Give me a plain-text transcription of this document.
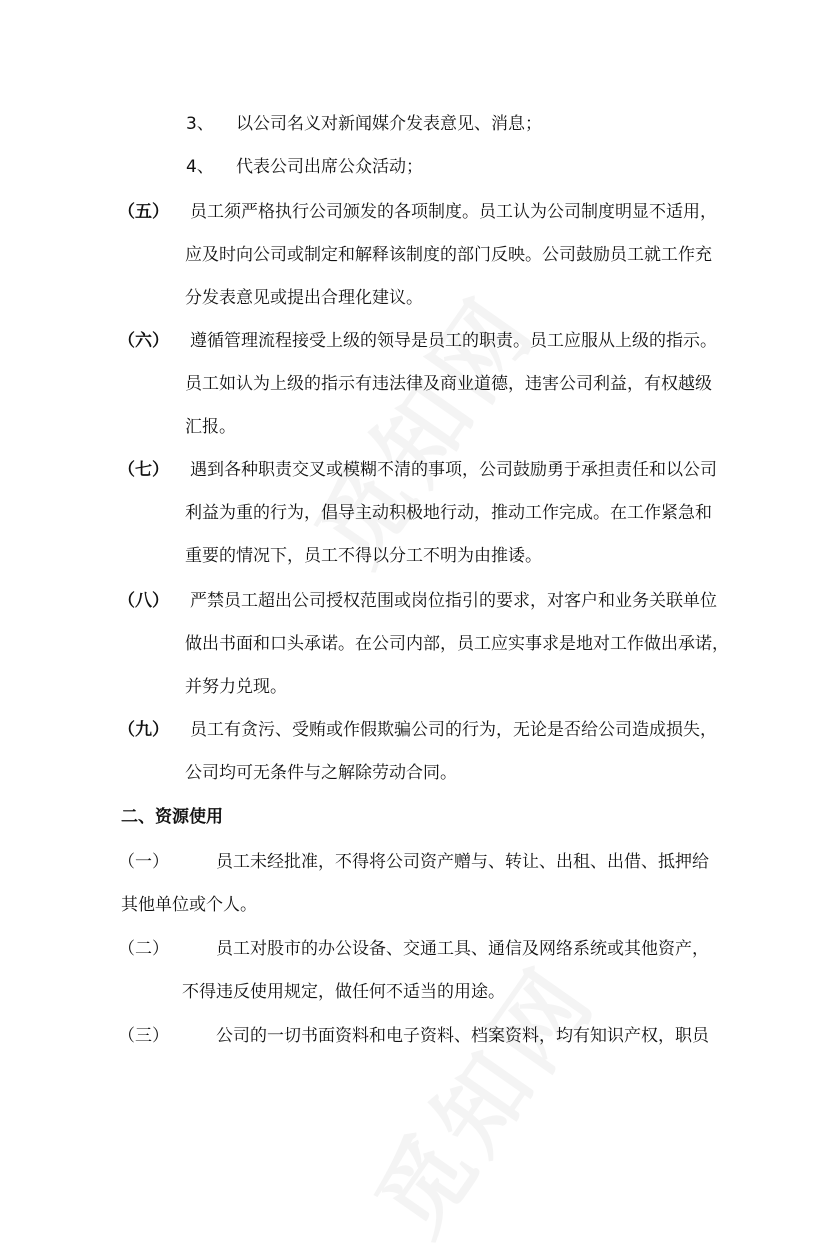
3、 以公司名义对新闻媒介发表意见、消息；
4、 代表公司出席公众活动；
（五） 员工须严格执行公司颁发的各项制度。员工认为公司制度明显不适用，
应及时向公司或制定和解释该制度的部门反映。公司鼓励员工就工作充
分发表意见或提出合理化建议。
（六） 遵循管理流程接受上级的领导是员工的职责。员工应服从上级的指示。
员工如认为上级的指示有违法律及商业道德，违害公司利益，有权越级
汇报。
（七） 遇到各种职责交叉或模糊不清的事项，公司鼓励勇于承担责任和以公司
利益为重的行为，倡导主动积极地行动，推动工作完成。在工作紧急和
重要的情况下，员工不得以分工不明为由推诿。
（八） 严禁员工超出公司授权范围或岗位指引的要求，对客户和业务关联单位
做出书面和口头承诺。在公司内部，员工应实事求是地对工作做出承诺，
并努力兑现。
（九） 员工有贪污、受贿或作假欺骗公司的行为，无论是否给公司造成损失，
公司均可无条件与之解除劳动合同。
二、资源使用
（一）	员工未经批准，不得将公司资产赠与、转让、出租、出借、抵押给
其他单位或个人。
（二）	员工对股市的办公设备、交通工具、通信及网络系统或其他资产，
不得违反使用规定，做任何不适当的用途。
（三）	公司的一切书面资料和电子资料、档案资料，均有知识产权，职员
